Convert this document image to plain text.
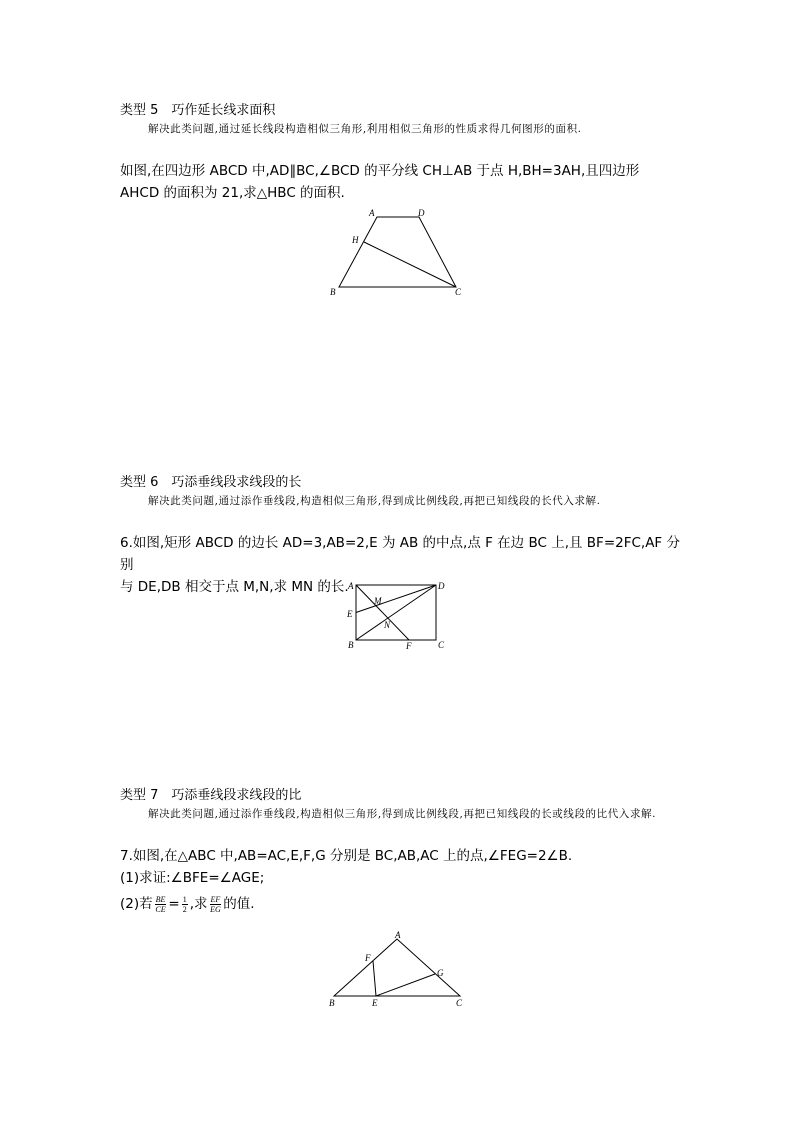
类型 5　巧作延长线求面积
解决此类问题,通过延长线段构造相似三角形,利用相似三角形的性质求得几何图形的面积.
如图,在四边形 ABCD 中,AD∥BC,∠BCD 的平分线 CH⊥AB 于点 H,BH=3AH,且四边形
AHCD 的面积为 21,求△HBC 的面积.
A	D
H
B	C
类型 6　巧添垂线段求线段的长
解决此类问题,通过添作垂线段,构造相似三角形,得到成比例线段,再把已知线段的长代入求解.
6.如图,矩形 ABCD 的边长 AD=3,AB=2,E 为 AB 的中点,点 F 在边 BC 上,且 BF=2FC,AF 分别
与 DE,DB 相交于点 M,N,求 MN 的长. A	D
M
E
N
B	F	C
类型 7　巧添垂线段求线段的比
解决此类问题,通过添作垂线段,构造相似三角形,得到成比例线段,再把已知线段的长或线段的比代入求解.
7.如图,在△ABC 中,AB=AC,E,F,G 分别是 BC,AB,AC 上的点,∠FEG=2∠B.
(1)求证:∠BFE=∠AGE;
(2)若 $\frac{BE}{CE} = \frac{1}{2}$ ,求 $\frac{EF}{EG}$ 的值.
A
F
G
B	E	C
